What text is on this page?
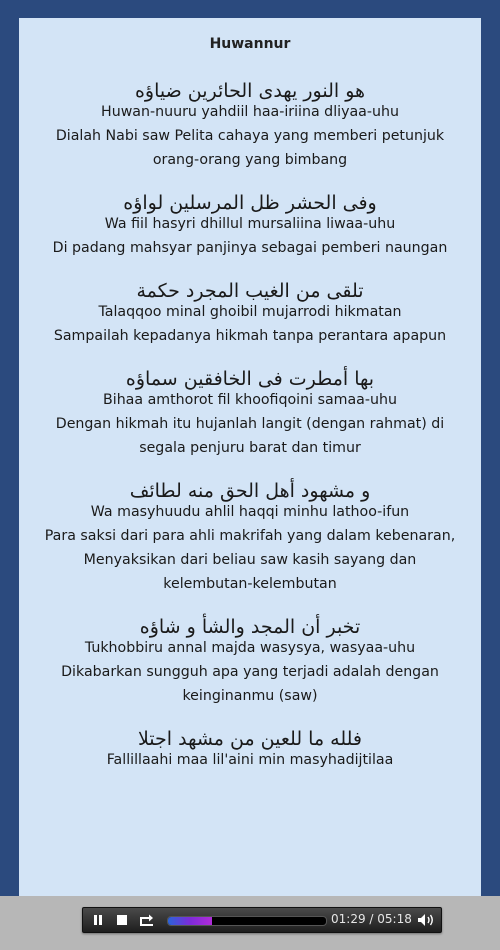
Huwannur
هو النور يهدى الحائرين ضياؤه
Huwan-nuuru yahdiil haa-iriina dliyaa-uhu
Dialah Nabi saw Pelita cahaya yang memberi petunjuk orang-orang yang bimbang
وفى الحشر ظل المرسلين لواؤه
Wa fiil hasyri dhillul mursaliina liwaa-uhu
Di padang mahsyar panjinya sebagai pemberi naungan
تلقى من الغيب المجرد حكمة
Talaqqoo minal ghoibil mujarrodi hikmatan
Sampailah kepadanya hikmah tanpa perantara apapun
بها أمطرت فى الخافقين سماؤه
Bihaa amthorot fil khoofiqoini samaa-uhu
Dengan hikmah itu hujanlah langit (dengan rahmat) di segala penjuru barat dan timur
و مشهود أهل الحق منه لطائف
Wa masyhuudu ahlil haqqi minhu lathoo-ifun
Para saksi dari para ahli makrifah yang dalam kebenaran,
Menyaksikan dari beliau saw kasih sayang dan kelembutan-kelembutan
تخبر أن المجد والشأ و شاؤه
Tukhobbiru annal majda wasysya, wasyaa-uhu
Dikabarkan sungguh apa yang terjadi adalah dengan keinginanmu (saw)
فلله ما للعين من مشهد اجتلا
Fallillaahi maa lil'aini min masyhadijtilaa
01:29 / 05:18
